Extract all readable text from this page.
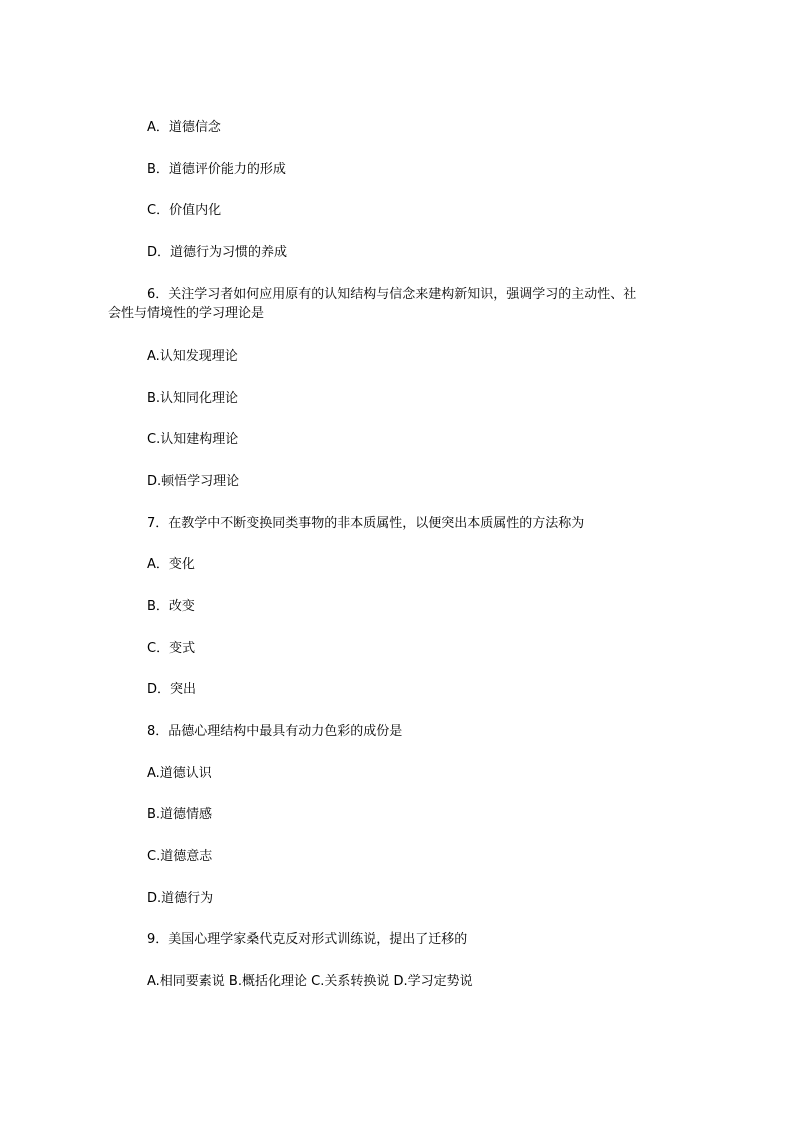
A．道德信念
B．道德评价能力的形成
C．价值内化
D．道德行为习惯的养成
6．关注学习者如何应用原有的认知结构与信念来建构新知识，强调学习的主动性、社
会性与情境性的学习理论是
A.认知发现理论
B.认知同化理论
C.认知建构理论
D.顿悟学习理论
7．在教学中不断变换同类事物的非本质属性，以便突出本质属性的方法称为
A．变化
B．改变
C．变式
D．突出
8．品德心理结构中最具有动力色彩的成份是
A.道德认识
B.道德情感
C.道德意志
D.道德行为
9．美国心理学家桑代克反对形式训练说，提出了迁移的
A.相同要素说 B.概括化理论 C.关系转换说 D.学习定势说
